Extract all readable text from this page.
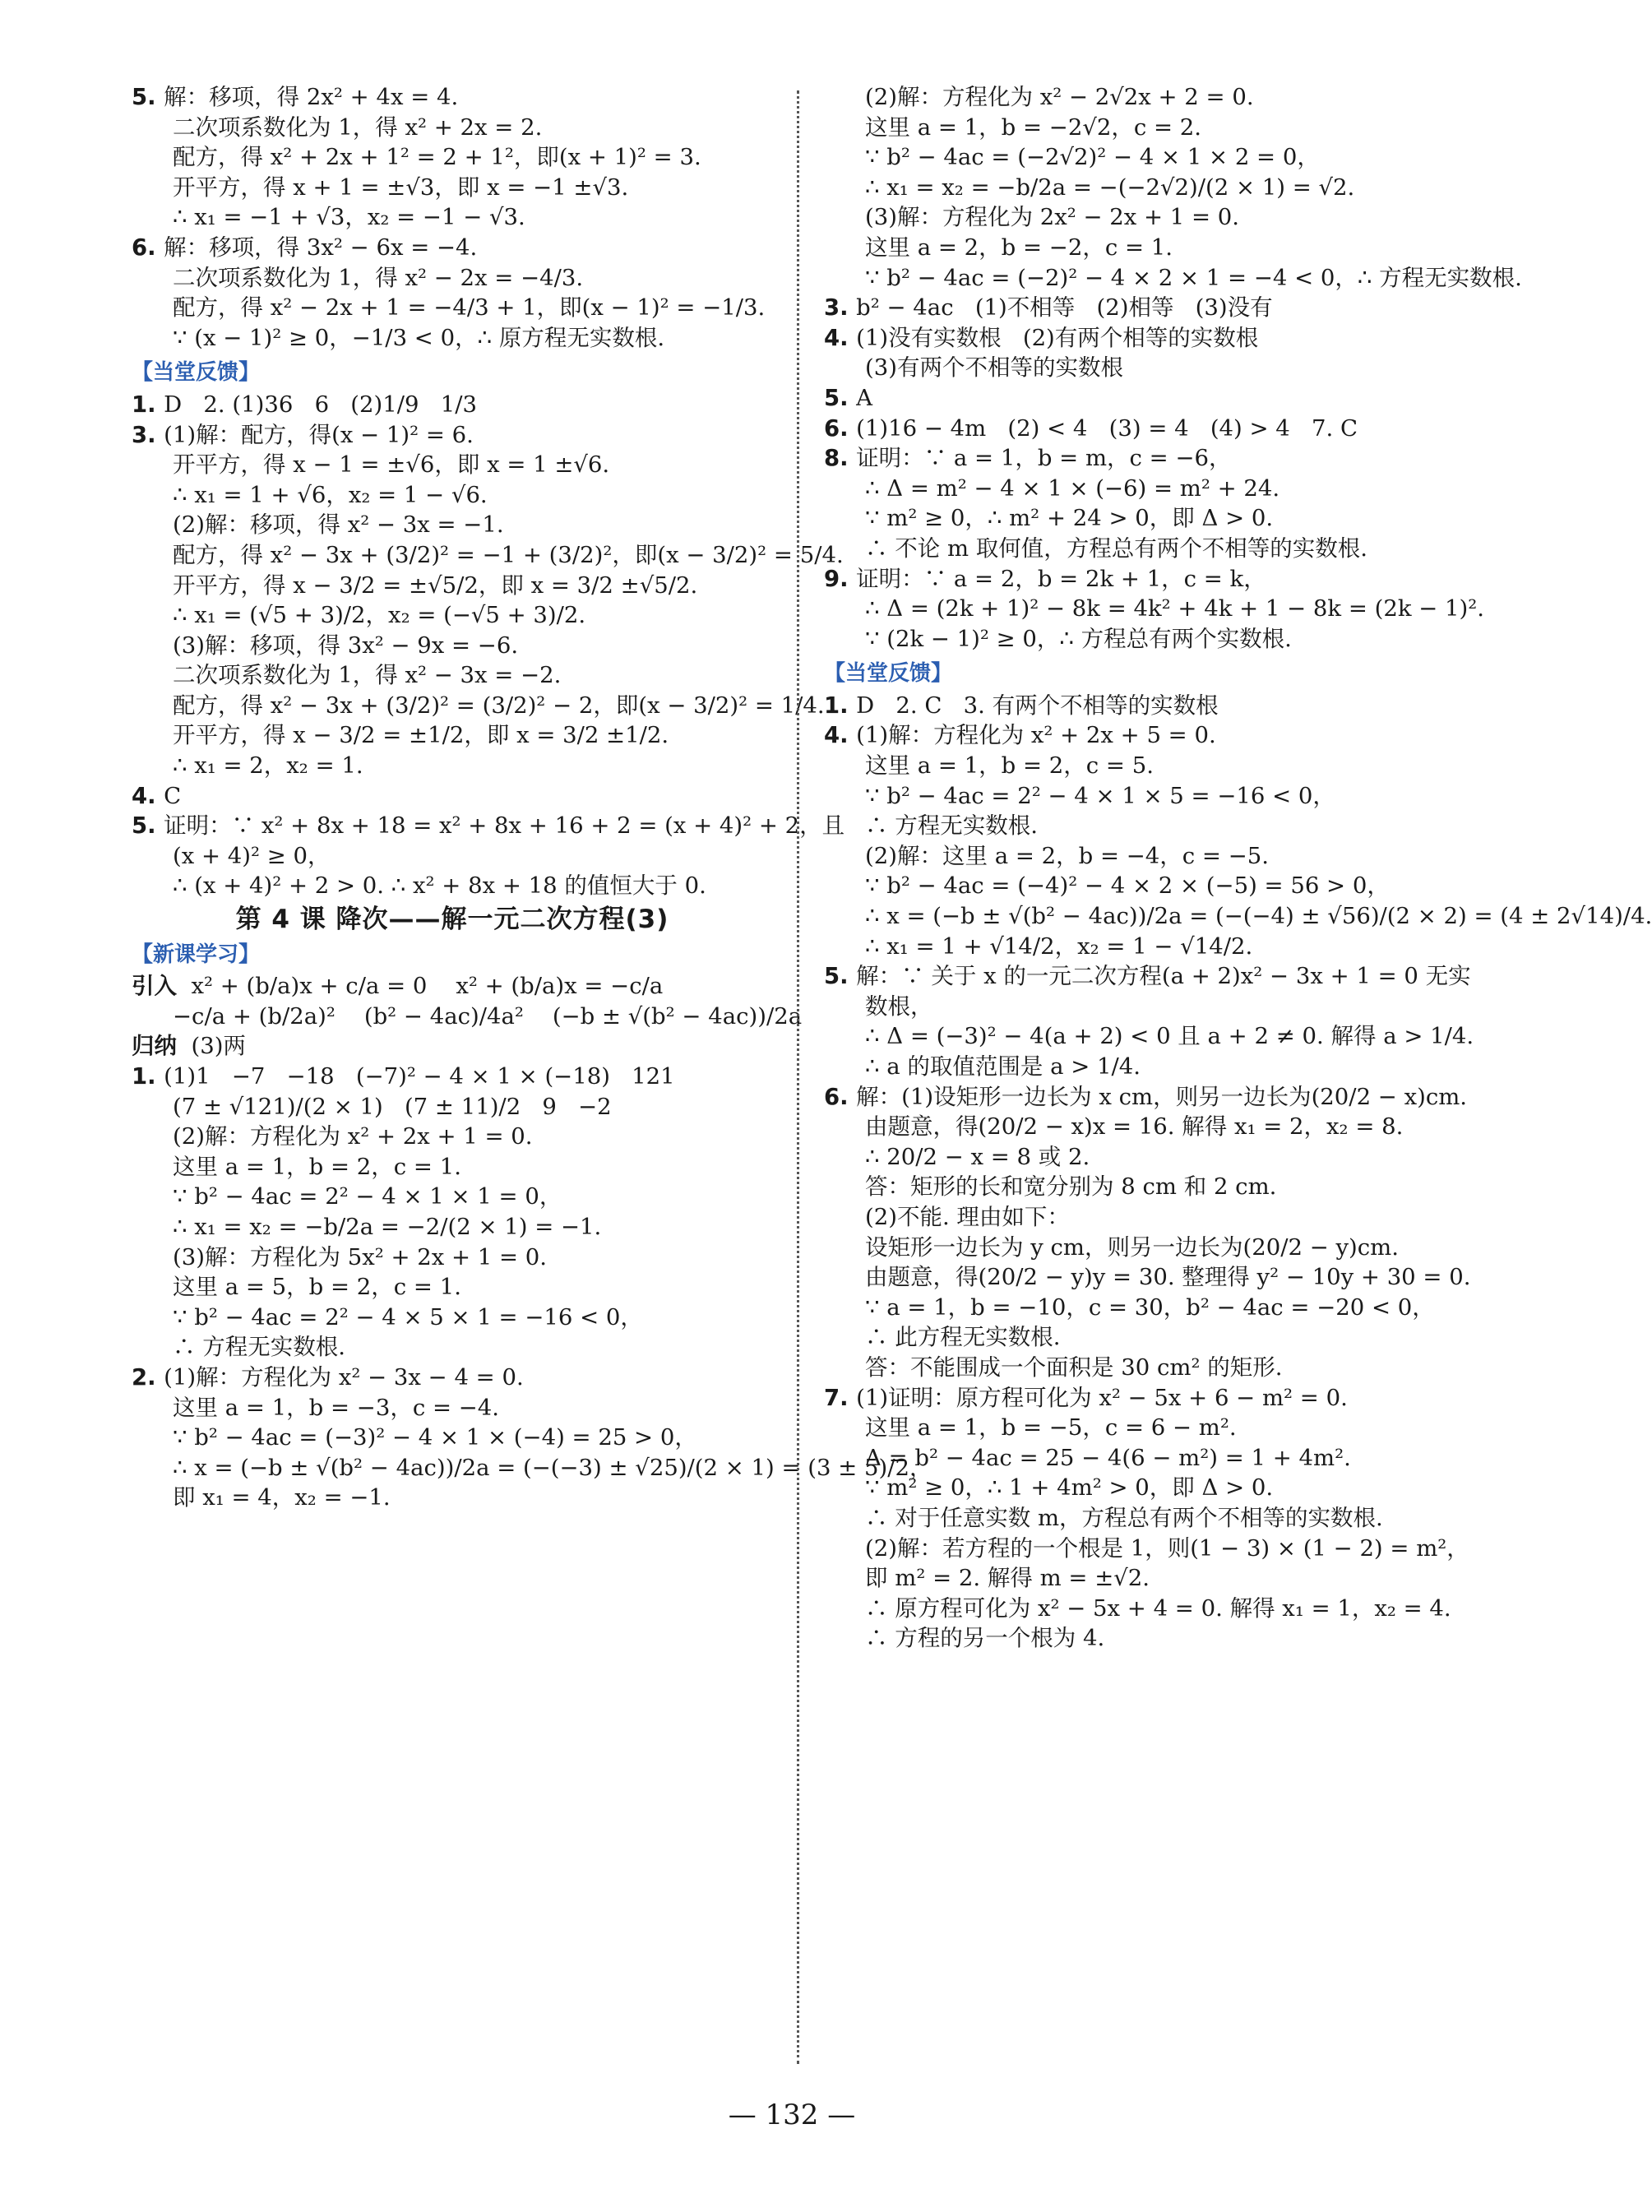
5. 解：移项，得 2x² + 4x = 4.
二次项系数化为 1，得 x² + 2x = 2.
配方，得 x² + 2x + 1² = 2 + 1²，即(x + 1)² = 3.
开平方，得 x + 1 = ±√3，即 x = −1 ±√3.
∴ x₁ = −1 + √3，x₂ = −1 − √3.
6. 解：移项，得 3x² − 6x = −4.
二次项系数化为 1，得 x² − 2x = −4/3.
配方，得 x² − 2x + 1 = −4/3 + 1，即(x − 1)² = −1/3.
∵ (x − 1)² ≥ 0，−1/3 < 0，∴ 原方程无实数根.
【当堂反馈】
1. D   2. (1)36   6   (2)1/9   1/3
3. (1)解：配方，得(x − 1)² = 6.
开平方，得 x − 1 = ±√6，即 x = 1 ±√6.
∴ x₁ = 1 + √6，x₂ = 1 − √6.
(2)解：移项，得 x² − 3x = −1.
配方，得 x² − 3x + (3/2)² = −1 + (3/2)²，即(x − 3/2)² = 5/4.
开平方，得 x − 3/2 = ±√5/2，即 x = 3/2 ±√5/2.
∴ x₁ = (√5 + 3)/2，x₂ = (−√5 + 3)/2.
(3)解：移项，得 3x² − 9x = −6.
二次项系数化为 1，得 x² − 3x = −2.
配方，得 x² − 3x + (3/2)² = (3/2)² − 2，即(x − 3/2)² = 1/4.
开平方，得 x − 3/2 = ±1/2，即 x = 3/2 ±1/2.
∴ x₁ = 2，x₂ = 1.
4. C
5. 证明：∵ x² + 8x + 18 = x² + 8x + 16 + 2 = (x + 4)² + 2，且
(x + 4)² ≥ 0，
∴ (x + 4)² + 2 > 0. ∴ x² + 8x + 18 的值恒大于 0.
第 4 课 降次——解一元二次方程(3)
【新课学习】
引入  x² + (b/a)x + c/a = 0    x² + (b/a)x = −c/a
−c/a + (b/2a)²    (b² − 4ac)/4a²    (−b ± √(b² − 4ac))/2a
归纳  (3)两
1. (1)1   −7   −18   (−7)² − 4 × 1 × (−18)   121
(7 ± √121)/(2 × 1)   (7 ± 11)/2   9   −2
(2)解：方程化为 x² + 2x + 1 = 0.
这里 a = 1，b = 2，c = 1.
∵ b² − 4ac = 2² − 4 × 1 × 1 = 0，
∴ x₁ = x₂ = −b/2a = −2/(2 × 1) = −1.
(3)解：方程化为 5x² + 2x + 1 = 0.
这里 a = 5，b = 2，c = 1.
∵ b² − 4ac = 2² − 4 × 5 × 1 = −16 < 0，
∴ 方程无实数根.
2. (1)解：方程化为 x² − 3x − 4 = 0.
这里 a = 1，b = −3，c = −4.
∵ b² − 4ac = (−3)² − 4 × 1 × (−4) = 25 > 0，
∴ x = (−b ± √(b² − 4ac))/2a = (−(−3) ± √25)/(2 × 1) = (3 ± 5)/2，
即 x₁ = 4，x₂ = −1.
(2)解：方程化为 x² − 2√2x + 2 = 0.
这里 a = 1，b = −2√2，c = 2.
∵ b² − 4ac = (−2√2)² − 4 × 1 × 2 = 0，
∴ x₁ = x₂ = −b/2a = −(−2√2)/(2 × 1) = √2.
(3)解：方程化为 2x² − 2x + 1 = 0.
这里 a = 2，b = −2，c = 1.
∵ b² − 4ac = (−2)² − 4 × 2 × 1 = −4 < 0，∴ 方程无实数根.
3. b² − 4ac   (1)不相等   (2)相等   (3)没有
4. (1)没有实数根   (2)有两个相等的实数根
(3)有两个不相等的实数根
5. A
6. (1)16 − 4m   (2) < 4   (3) = 4   (4) > 4   7. C
8. 证明：∵ a = 1，b = m，c = −6，
∴ Δ = m² − 4 × 1 × (−6) = m² + 24.
∵ m² ≥ 0，∴ m² + 24 > 0，即 Δ > 0.
∴ 不论 m 取何值，方程总有两个不相等的实数根.
9. 证明：∵ a = 2，b = 2k + 1，c = k，
∴ Δ = (2k + 1)² − 8k = 4k² + 4k + 1 − 8k = (2k − 1)².
∵ (2k − 1)² ≥ 0，∴ 方程总有两个实数根.
【当堂反馈】
1. D   2. C   3. 有两个不相等的实数根
4. (1)解：方程化为 x² + 2x + 5 = 0.
这里 a = 1，b = 2，c = 5.
∵ b² − 4ac = 2² − 4 × 1 × 5 = −16 < 0，
∴ 方程无实数根.
(2)解：这里 a = 2，b = −4，c = −5.
∵ b² − 4ac = (−4)² − 4 × 2 × (−5) = 56 > 0，
∴ x = (−b ± √(b² − 4ac))/2a = (−(−4) ± √56)/(2 × 2) = (4 ± 2√14)/4.
∴ x₁ = 1 + √14/2，x₂ = 1 − √14/2.
5. 解：∵ 关于 x 的一元二次方程(a + 2)x² − 3x + 1 = 0 无实
数根，
∴ Δ = (−3)² − 4(a + 2) < 0 且 a + 2 ≠ 0. 解得 a > 1/4.
∴ a 的取值范围是 a > 1/4.
6. 解：(1)设矩形一边长为 x cm，则另一边长为(20/2 − x)cm.
由题意，得(20/2 − x)x = 16. 解得 x₁ = 2，x₂ = 8.
∴ 20/2 − x = 8 或 2.
答：矩形的长和宽分别为 8 cm 和 2 cm.
(2)不能. 理由如下：
设矩形一边长为 y cm，则另一边长为(20/2 − y)cm.
由题意，得(20/2 − y)y = 30. 整理得 y² − 10y + 30 = 0.
∵ a = 1，b = −10，c = 30，b² − 4ac = −20 < 0，
∴ 此方程无实数根.
答：不能围成一个面积是 30 cm² 的矩形.
7. (1)证明：原方程可化为 x² − 5x + 6 − m² = 0.
这里 a = 1，b = −5，c = 6 − m².
Δ = b² − 4ac = 25 − 4(6 − m²) = 1 + 4m².
∵ m² ≥ 0，∴ 1 + 4m² > 0，即 Δ > 0.
∴ 对于任意实数 m，方程总有两个不相等的实数根.
(2)解：若方程的一个根是 1，则(1 − 3) × (1 − 2) = m²，
即 m² = 2. 解得 m = ±√2.
∴ 原方程可化为 x² − 5x + 4 = 0. 解得 x₁ = 1，x₂ = 4.
∴ 方程的另一个根为 4.
— 132 —
